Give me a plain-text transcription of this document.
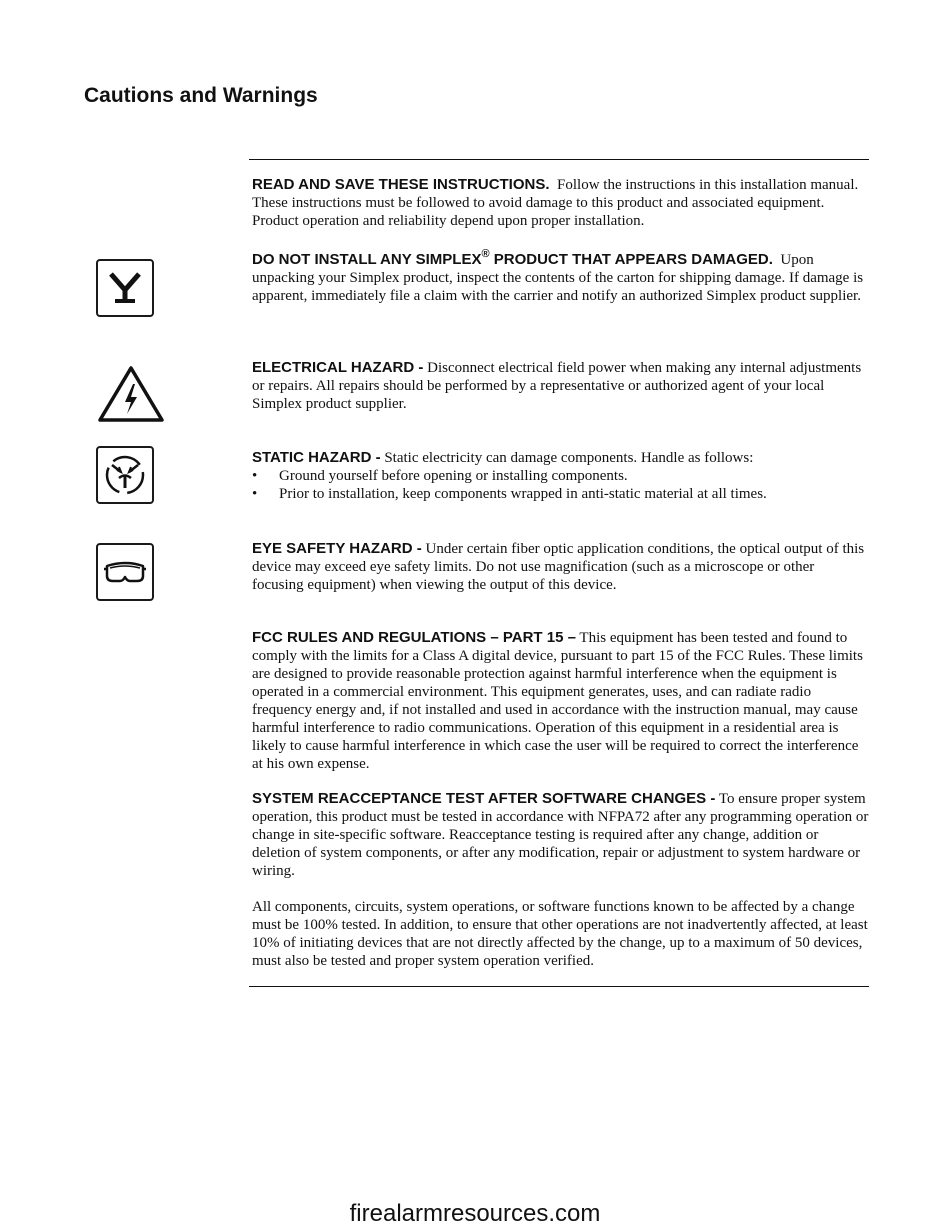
Cautions and Warnings
READ AND SAVE THESE INSTRUCTIONS. Follow the instructions in this installation manual. These instructions must be followed to avoid damage to this product and associated equipment. Product operation and reliability depend upon proper installation.
DO NOT INSTALL ANY SIMPLEX® PRODUCT THAT APPEARS DAMAGED. Upon unpacking your Simplex product, inspect the contents of the carton for shipping damage. If damage is apparent, immediately file a claim with the carrier and notify an authorized Simplex product supplier.
ELECTRICAL HAZARD - Disconnect electrical field power when making any internal adjustments or repairs. All repairs should be performed by a representative or authorized agent of your local Simplex product supplier.
STATIC HAZARD - Static electricity can damage components. Handle as follows:
• Ground yourself before opening or installing components.
• Prior to installation, keep components wrapped in anti-static material at all times.
EYE SAFETY HAZARD - Under certain fiber optic application conditions, the optical output of this device may exceed eye safety limits. Do not use magnification (such as a microscope or other focusing equipment) when viewing the output of this device.
FCC RULES AND REGULATIONS – PART 15 – This equipment has been tested and found to comply with the limits for a Class A digital device, pursuant to part 15 of the FCC Rules. These limits are designed to provide reasonable protection against harmful interference when the equipment is operated in a commercial environment. This equipment generates, uses, and can radiate radio frequency energy and, if not installed and used in accordance with the instruction manual, may cause harmful interference to radio communications. Operation of this equipment in a residential area is likely to cause harmful interference in which case the user will be required to correct the interference at his own expense.
SYSTEM REACCEPTANCE TEST AFTER SOFTWARE CHANGES - To ensure proper system operation, this product must be tested in accordance with NFPA72 after any programming operation or change in site-specific software. Reacceptance testing is required after any change, addition or deletion of system components, or after any modification, repair or adjustment to system hardware or wiring.
All components, circuits, system operations, or software functions known to be affected by a change must be 100% tested. In addition, to ensure that other operations are not inadvertently affected, at least 10% of initiating devices that are not directly affected by the change, up to a maximum of 50 devices, must also be tested and proper system operation verified.
firealarmresources.com
